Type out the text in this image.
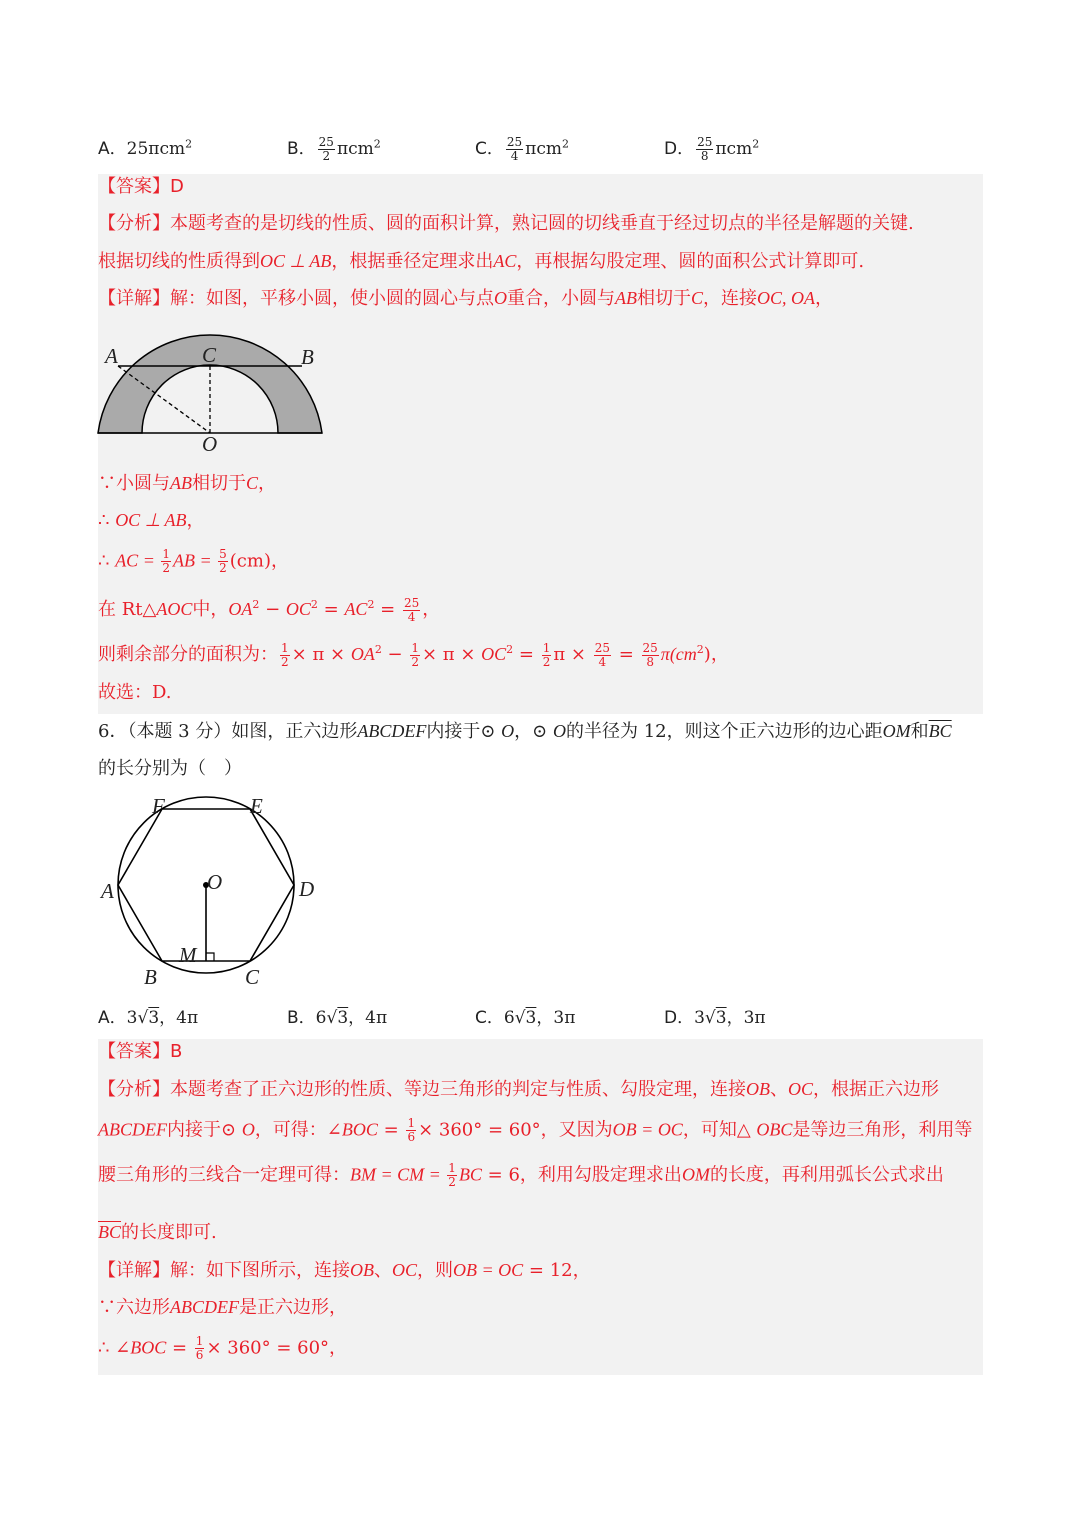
A．25πcm$^2$	B． $\frac{25}{2} \pi cm^2$	C． $\frac{25}{4} \pi cm^2$	D． $\frac{25}{8} \pi cm^2$
【答案】D
【分析】本题考查的是切线的性质、圆的面积计算，熟记圆的切线垂直于经过切点的半径是解题的关键.
根据切线的性质得到OC ⊥ AB，根据垂径定理求出AC，再根据勾股定理、圆的面积公式计算即可.
【详解】解：如图，平移小圆，使小圆的圆心与点O重合，小圆与AB相切于C，连接OC, OA，
A	C	B
O
∵小圆与AB相切于C，
∴ OC ⊥ AB，
∴ AC = $\frac{1}{2}$ AB = $\frac{5}{2} (cm)$，
在 Rt△AOC中，$OA^2 - OC^2 = AC^2 = \frac{25}{4}$ ，
则剩余部分的面积为： $\frac{1}{2} \times \pi \times OA^2 - \frac{1}{2} \times \pi \times OC^2 = \frac{1}{2}$ $\pi \times \frac{25}{4} = \frac{25}{8} \pi(cm^2)$，
故选：D.
6．（本题 3 分）如图，正六边形ABCDEF内接于⊙ O，⊙ O的半径为 12，则这个正六边形的边心距OM和$\overline{BC}$
的长分别为（　）
F	E
O
A	D
M
B	C
A．3√3，4π	B．6√3，4π	C．6√3，3π	D．3√3，3π
【答案】B
【分析】本题考查了正六边形的性质、等边三角形的判定与性质、勾股定理，连接OB、OC，根据正六边形
ABCDEF内接于⊙ O，可得：∠BOC = $\frac{1}{6} \times 360^\circ = 60^\circ$，又因为OB = OC，可知△ OBC是等边三角形，利用等
腰三角形的三线合一定理可得：BM = CM = $\frac{1}{2}$ BC = 6，利用勾股定理求出OM的长度，再利用弧长公式求出
$\overline{BC}$的长度即可.
【详解】解：如下图所示，连接OB、OC，则OB = OC = 12，
∵六边形ABCDEF是正六边形，
∴ ∠BOC = $\frac{1}{6} \times 360^\circ = 60^\circ$，
